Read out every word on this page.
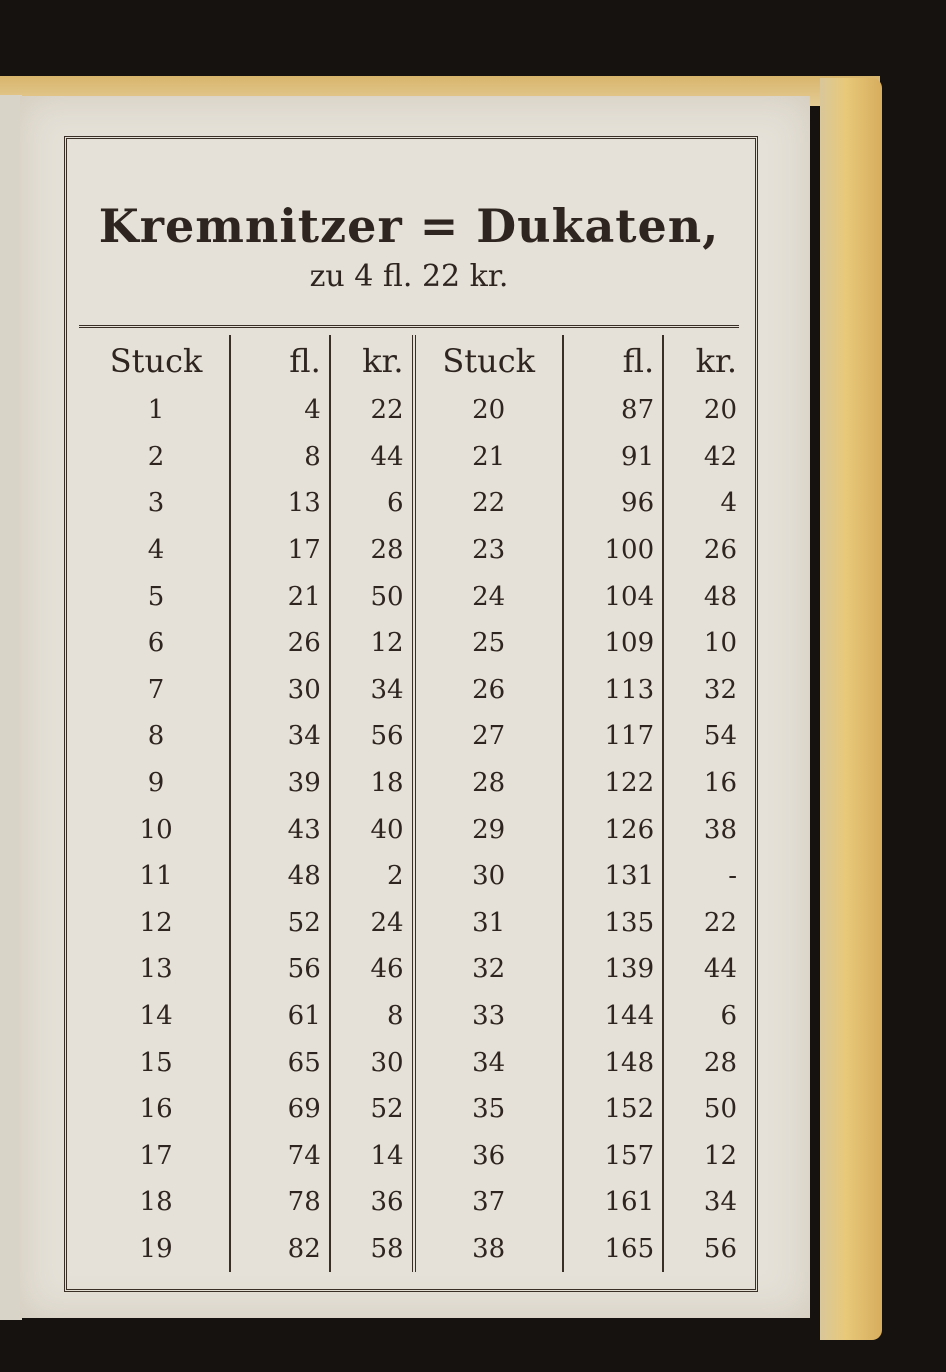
Kremnitzer = Dukaten,
zu 4 fl. 22 kr.
Stuck	fl.	kr.	Stuck	fl.	kr.
1	4	22	20	87	20
2	8	44	21	91	42
3	13	6	22	96	4
4	17	28	23	100	26
5	21	50	24	104	48
6	26	12	25	109	10
7	30	34	26	113	32
8	34	56	27	117	54
9	39	18	28	122	16
10	43	40	29	126	38
11	48	2	30	131	-
12	52	24	31	135	22
13	56	46	32	139	44
14	61	8	33	144	6
15	65	30	34	148	28
16	69	52	35	152	50
17	74	14	36	157	12
18	78	36	37	161	34
19	82	58	38	165	56
